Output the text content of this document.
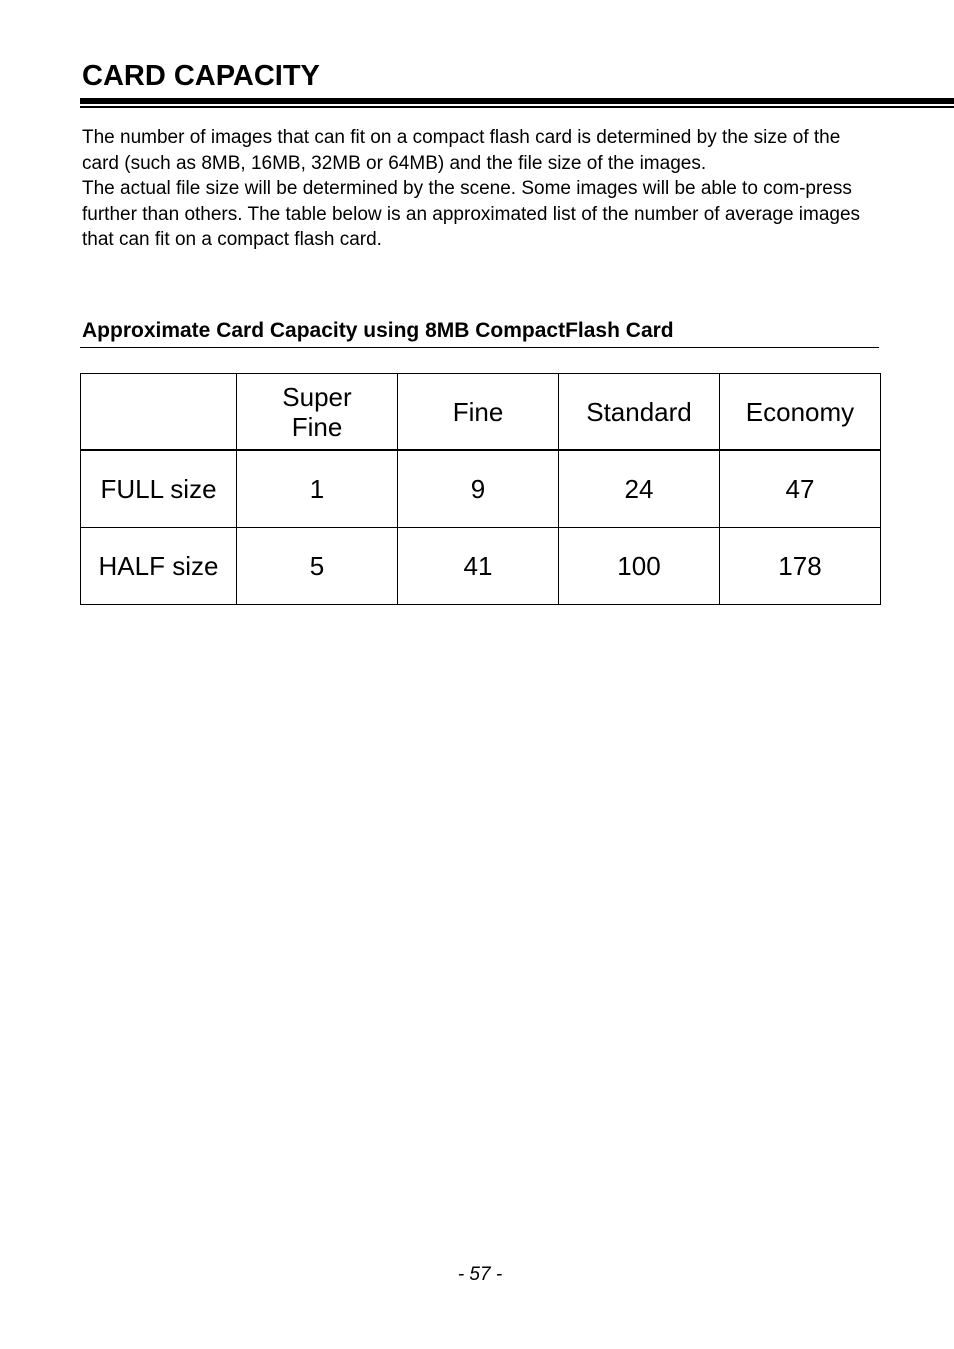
CARD CAPACITY

The number of images that can fit on a compact flash card is determined by the size of the card (such as 8MB, 16MB, 32MB or 64MB) and the file size of the images.

The actual file size will be determined by the scene. Some images will be able to com-press further than others. The table below is an approximated list of the number of average images that can fit on a compact flash card.

Approximate Card Capacity using 8MB CompactFlash Card
	Super Fine	Fine	Standard	Economy
FULL size	1	9	24	47
HALF size	5	41	100	178
- 57 -
